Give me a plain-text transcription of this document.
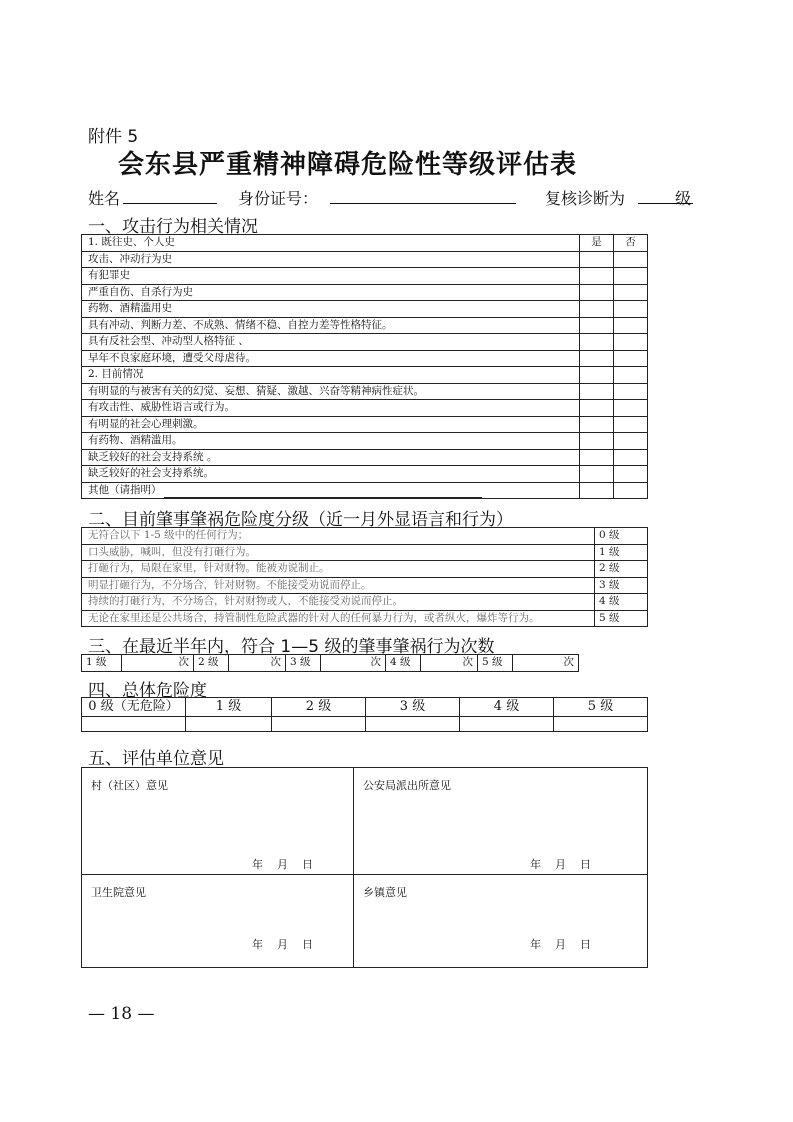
附件 5
会东县严重精神障碍危险性等级评估表
姓名	身份证号：	复核诊断为	级
一、攻击行为相关情况
1. 既往史、个人史	是	否
攻击、冲动行为史		
有犯罪史		
严重自伤、自杀行为史		
药物、酒精滥用史		
具有冲动、判断力差、不成熟、情绪不稳、自控力差等性格特征。		
具有反社会型、冲动型人格特征 、		
早年不良家庭环境，遭受父母虐待。		
2. 目前情况		
有明显的与被害有关的幻觉、妄想、猜疑、激越、兴奋等精神病性症状。		
有攻击性、威胁性语言或行为。		
有明显的社会心理刺激。		
有药物、酒精滥用。		
缺乏较好的社会支持系统 。		
缺乏较好的社会支持系统。		
其他（请指明）		
二、目前肇事肇祸危险度分级（近一月外显语言和行为）
无符合以下 1-5 级中的任何行为；	0 级
口头威胁，喊叫，但没有打砸行为。	1 级
打砸行为，局限在家里，针对财物。能被劝说制止。	2 级
明显打砸行为，不分场合，针对财物。不能接受劝说而停止。	3 级
持续的打砸行为，不分场合，针对财物或人，不能接受劝说而停止。	4 级
无论在家里还是公共场合，持管制性危险武器的针对人的任何暴力行为，或者纵火，爆炸等行为。	5 级
三、在最近半年内，符合 1—5 级的肇事肇祸行为次数
1 级	次	2 级	次	3 级	次	4 级	次	5 级	次
四、总体危险度
0 级（无危险）	1 级	2 级	3 级	4 级	5 级

五、评估单位意见
村（社区）意见	公安局派出所意见
卫生院意见	乡镇意见
年 月 日	年 月 日
年 月 日	年 月 日
— 18 —
